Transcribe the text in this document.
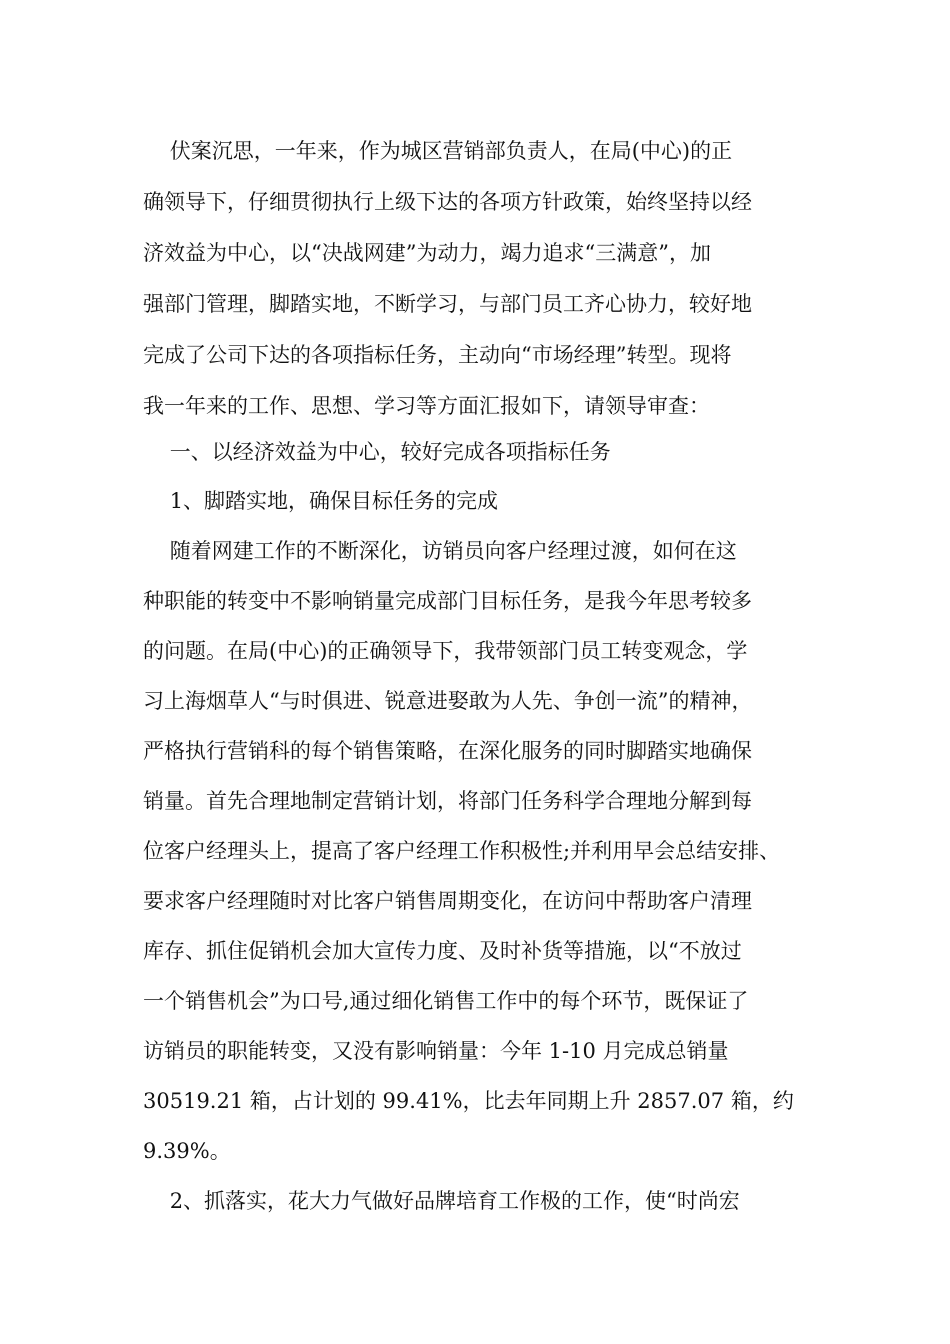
伏案沉思，一年来，作为城区营销部负责人，在局(中心)的正
确领导下，仔细贯彻执行上级下达的各项方针政策，始终坚持以经
济效益为中心，以“决战网建”为动力，竭力追求“三满意”，加
强部门管理，脚踏实地，不断学习，与部门员工齐心协力，较好地
完成了公司下达的各项指标任务，主动向“市场经理”转型。现将
我一年来的工作、思想、学习等方面汇报如下，请领导审查：
一、以经济效益为中心，较好完成各项指标任务
1、脚踏实地，确保目标任务的完成
随着网建工作的不断深化，访销员向客户经理过渡，如何在这
种职能的转变中不影响销量完成部门目标任务，是我今年思考较多
的问题。在局(中心)的正确领导下，我带领部门员工转变观念，学
习上海烟草人“与时俱进、锐意进娶敢为人先、争创一流”的精神，
严格执行营销科的每个销售策略，在深化服务的同时脚踏实地确保
销量。首先合理地制定营销计划，将部门任务科学合理地分解到每
位客户经理头上，提高了客户经理工作积极性;并利用早会总结安排、
要求客户经理随时对比客户销售周期变化，在访问中帮助客户清理
库存、抓住促销机会加大宣传力度、及时补货等措施，以“不放过
一个销售机会”为口号,通过细化销售工作中的每个环节，既保证了
访销员的职能转变，又没有影响销量：今年 1-10 月完成总销量
30519.21 箱，占计划的 99.41%，比去年同期上升 2857.07 箱，约
9.39%。
2、抓落实，花大力气做好品牌培育工作极的工作，使“时尚宏
